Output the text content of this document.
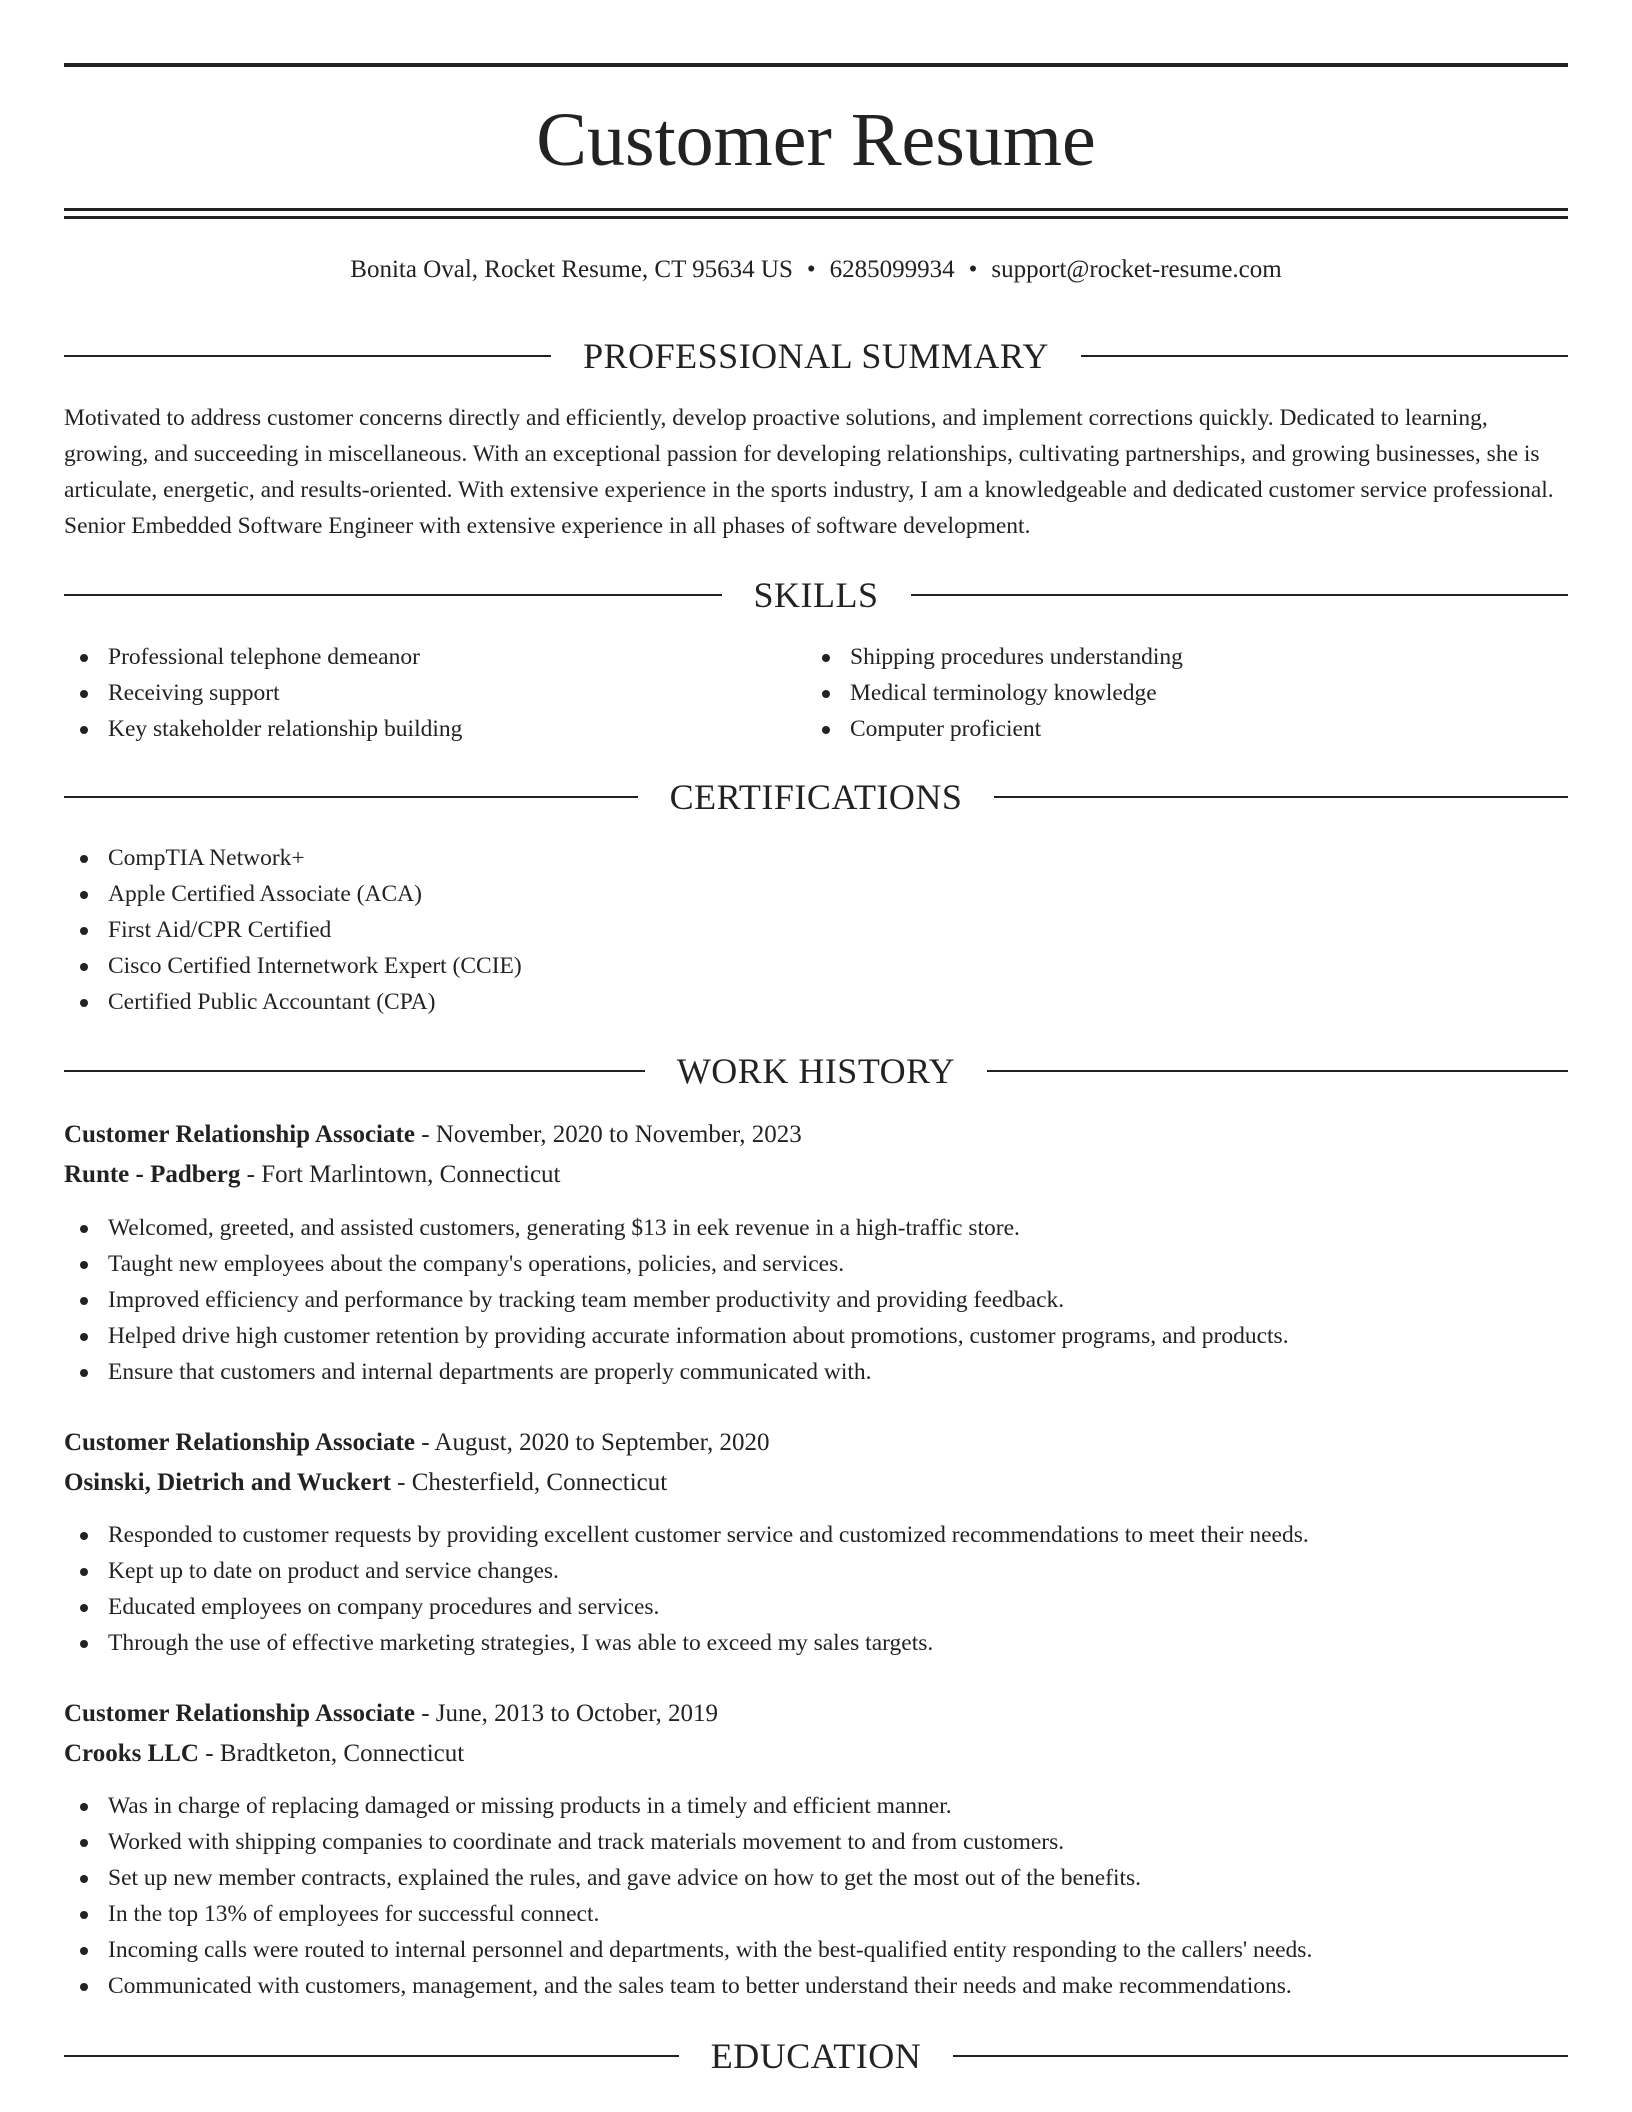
Customer Resume
Bonita Oval, Rocket Resume, CT 95634 US • 6285099934 • support@rocket-resume.com
PROFESSIONAL SUMMARY

Motivated to address customer concerns directly and efficiently, develop proactive solutions, and implement corrections quickly. Dedicated to learning, growing, and succeeding in miscellaneous. With an exceptional passion for developing relationships, cultivating partnerships, and growing businesses, she is articulate, energetic, and results-oriented. With extensive experience in the sports industry, I am a knowledgeable and dedicated customer service professional. Senior Embedded Software Engineer with extensive experience in all phases of software development.

SKILLS
Professional telephone demeanor
Receiving support
Key stakeholder relationship building
Shipping procedures understanding
Medical terminology knowledge
Computer proficient
CERTIFICATIONS
CompTIA Network+
Apple Certified Associate (ACA)
First Aid/CPR Certified
Cisco Certified Internetwork Expert (CCIE)
Certified Public Accountant (CPA)
WORK HISTORY
Customer Relationship Associate - November, 2020 to November, 2023
Runte - Padberg - Fort Marlintown, Connecticut
Welcomed, greeted, and assisted customers, generating $13 in eek revenue in a high-traffic store.
Taught new employees about the company's operations, policies, and services.
Improved efficiency and performance by tracking team member productivity and providing feedback.
Helped drive high customer retention by providing accurate information about promotions, customer programs, and products.
Ensure that customers and internal departments are properly communicated with.
Customer Relationship Associate - August, 2020 to September, 2020
Osinski, Dietrich and Wuckert - Chesterfield, Connecticut
Responded to customer requests by providing excellent customer service and customized recommendations to meet their needs.
Kept up to date on product and service changes.
Educated employees on company procedures and services.
Through the use of effective marketing strategies, I was able to exceed my sales targets.
Customer Relationship Associate - June, 2013 to October, 2019
Crooks LLC - Bradtketon, Connecticut
Was in charge of replacing damaged or missing products in a timely and efficient manner.
Worked with shipping companies to coordinate and track materials movement to and from customers.
Set up new member contracts, explained the rules, and gave advice on how to get the most out of the benefits.
In the top 13% of employees for successful connect.
Incoming calls were routed to internal personnel and departments, with the best-qualified entity responding to the callers' needs.
Communicated with customers, management, and the sales team to better understand their needs and make recommendations.
EDUCATION
